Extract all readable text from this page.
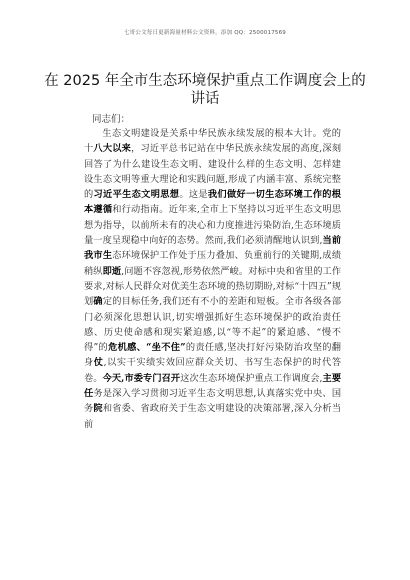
七哥公文每日更新海量材料公文资料，添加 QQ：2500017569
在 2025 年全市生态环境保护重点工作调度会上的讲话
同志们：

生态文明建设是关系中华民族永续发展的根本大计。党的十八大以来，习近平总书记站在中华民族永续发展的高度,深刻回答了为什么建设生态文明、建设什么样的生态文明、怎样建设生态文明等重大理论和实践问题,形成了内涵丰富、系统完整的习近平生态文明思想。这是我们做好一切生态环境工作的根本遵循和行动指南。近年来,全市上下坚持以习近平生态文明思想为指导，以前所未有的决心和力度推进污染防治,生态环境质量一度呈现稳中向好的态势。然而,我们必须清醒地认识到,当前我市生态环境保护工作处于压力叠加、负重前行的关键期,成绩稍纵即逝,问题不容忽视,形势依然严峻。对标中央和省里的工作要求,对标人民群众对优美生态环境的热切期盼,对标“十四五”规划确定的目标任务,我们还有不小的差距和短板。全市各级各部门必须深化思想认识,切实增强抓好生态环境保护的政治责任感、历史使命感和现实紧迫感,以“等不起”的紧迫感、“慢不得”的危机感、“坐不住”的责任感,坚决打好污染防治攻坚的翻身仗,以实干实绩实效回应群众关切、书写生态保护的时代答卷。今天,市委专门召开这次生态环境保护重点工作调度会,主要任务是深入学习贯彻习近平生态文明思想,认真落实党中央、国务院和省委、省政府关于生态文明建设的决策部署,深入分析当前
